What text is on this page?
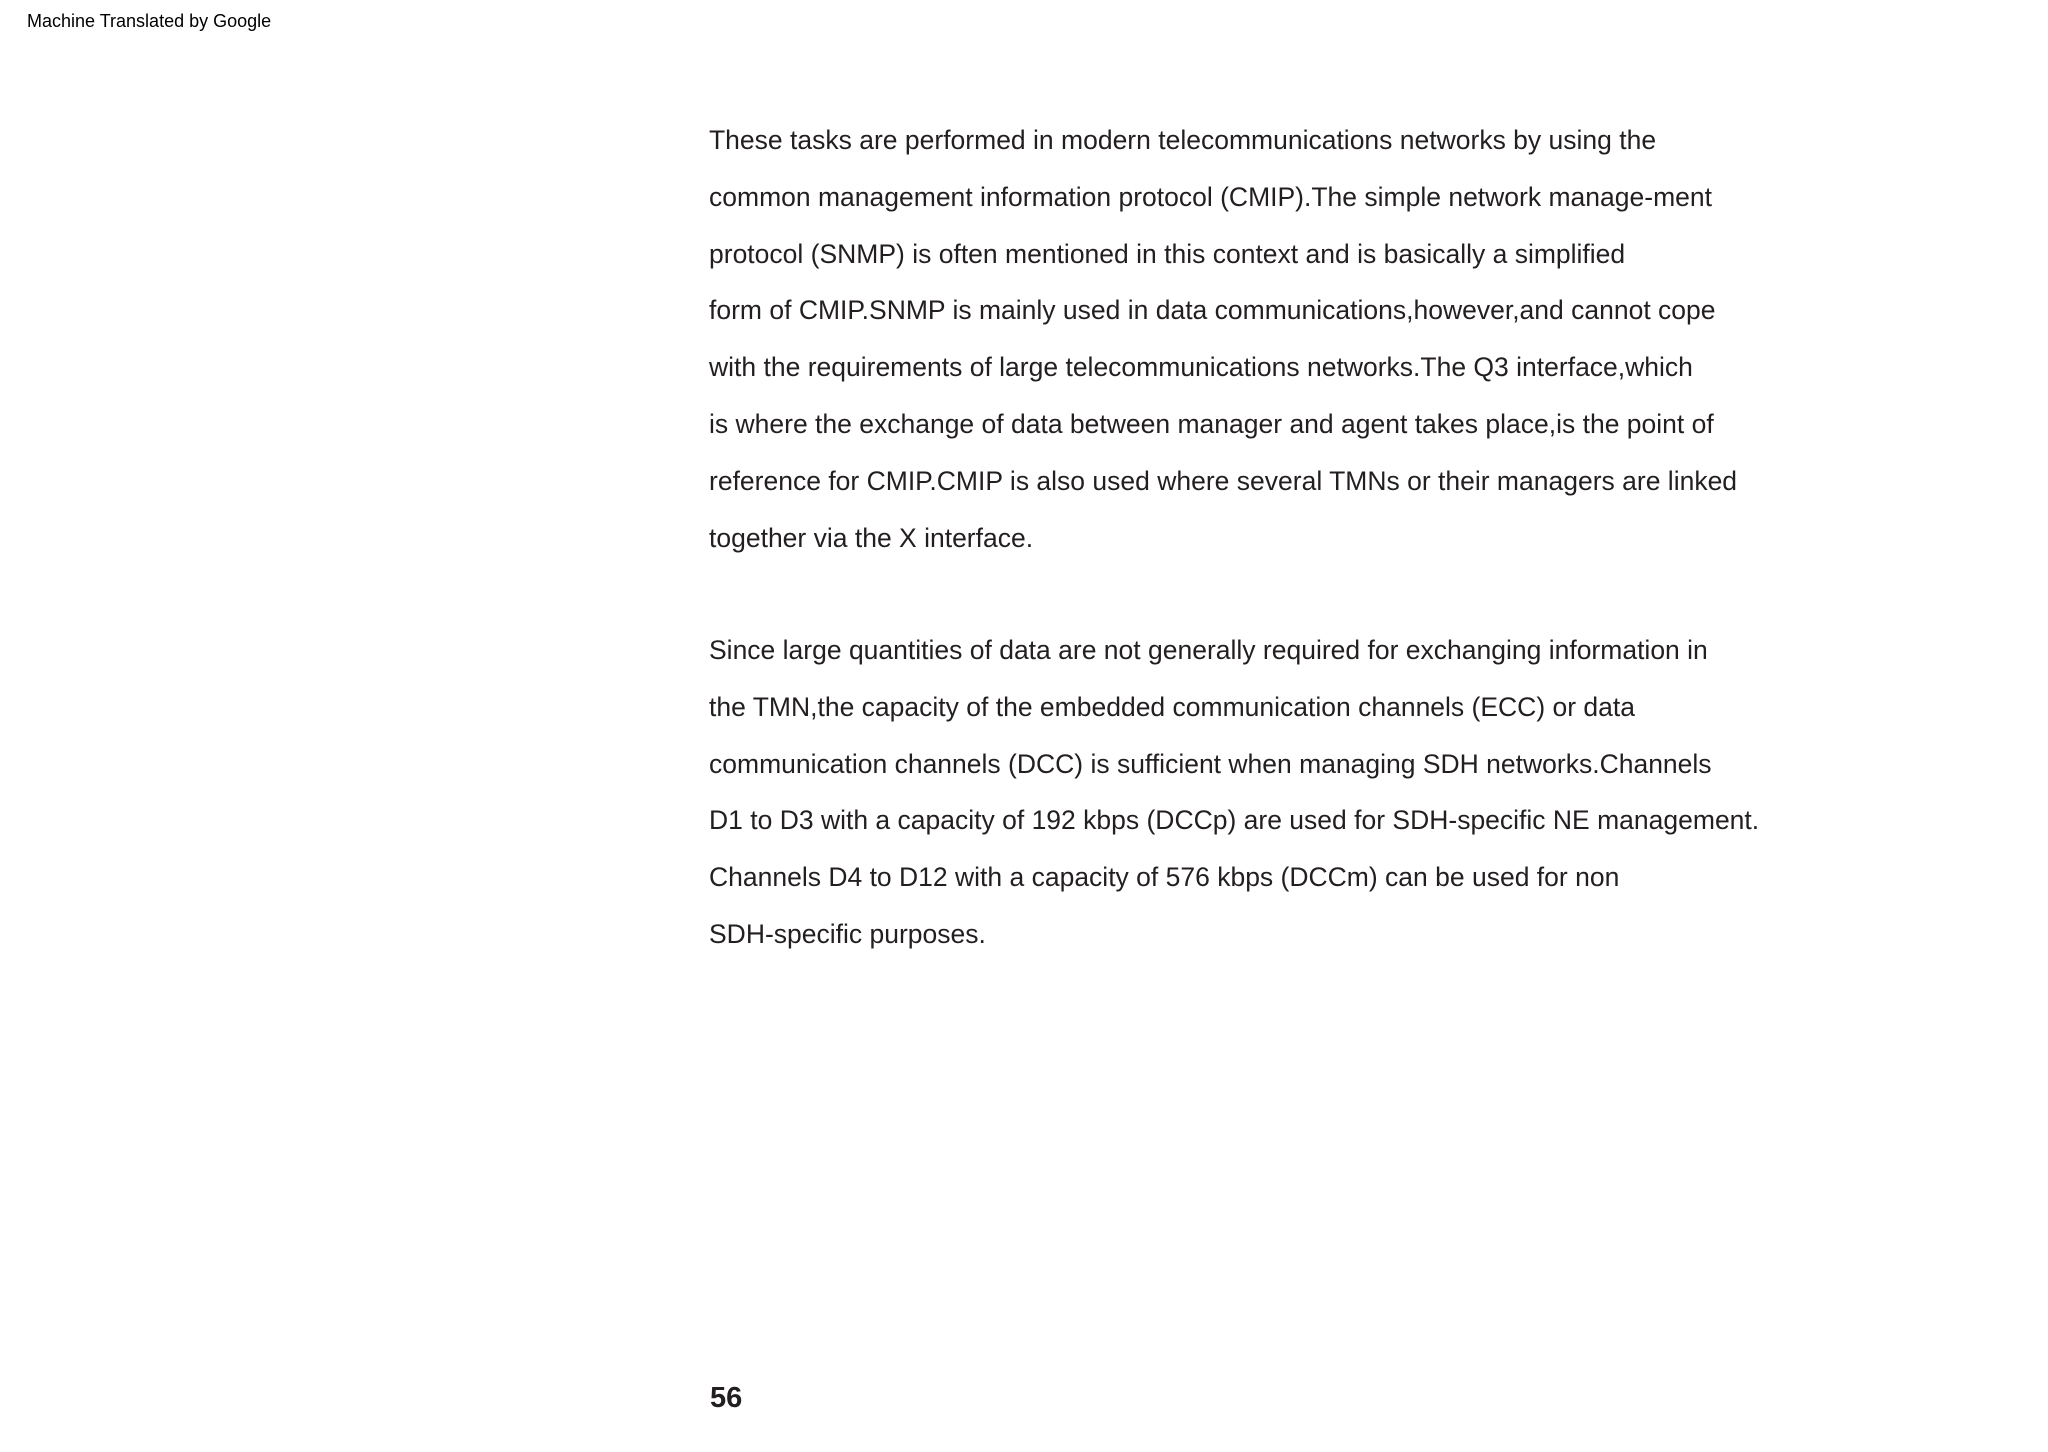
Machine Translated by Google
These tasks are performed in modern telecommunications networks by using the
common management information protocol (CMIP).The simple network manage-ment
protocol (SNMP) is often mentioned in this context and is basically a simplified
form of CMIP.SNMP is mainly used in data communications,however,and cannot cope
with the requirements of large telecommunications networks.The Q3 interface,which
is where the exchange of data between manager and agent takes place,is the point of
reference for CMIP.CMIP is also used where several TMNs or their managers are linked
together via the X interface.
Since large quantities of data are not generally required for exchanging information in
the TMN,the capacity of the embedded communication channels (ECC) or data
communication channels (DCC) is sufficient when managing SDH networks.Channels
D1 to D3 with a capacity of 192 kbps (DCCp) are used for SDH-specific NE management.
Channels D4 to D12 with a capacity of 576 kbps (DCCm) can be used for non
SDH-specific purposes.
56
